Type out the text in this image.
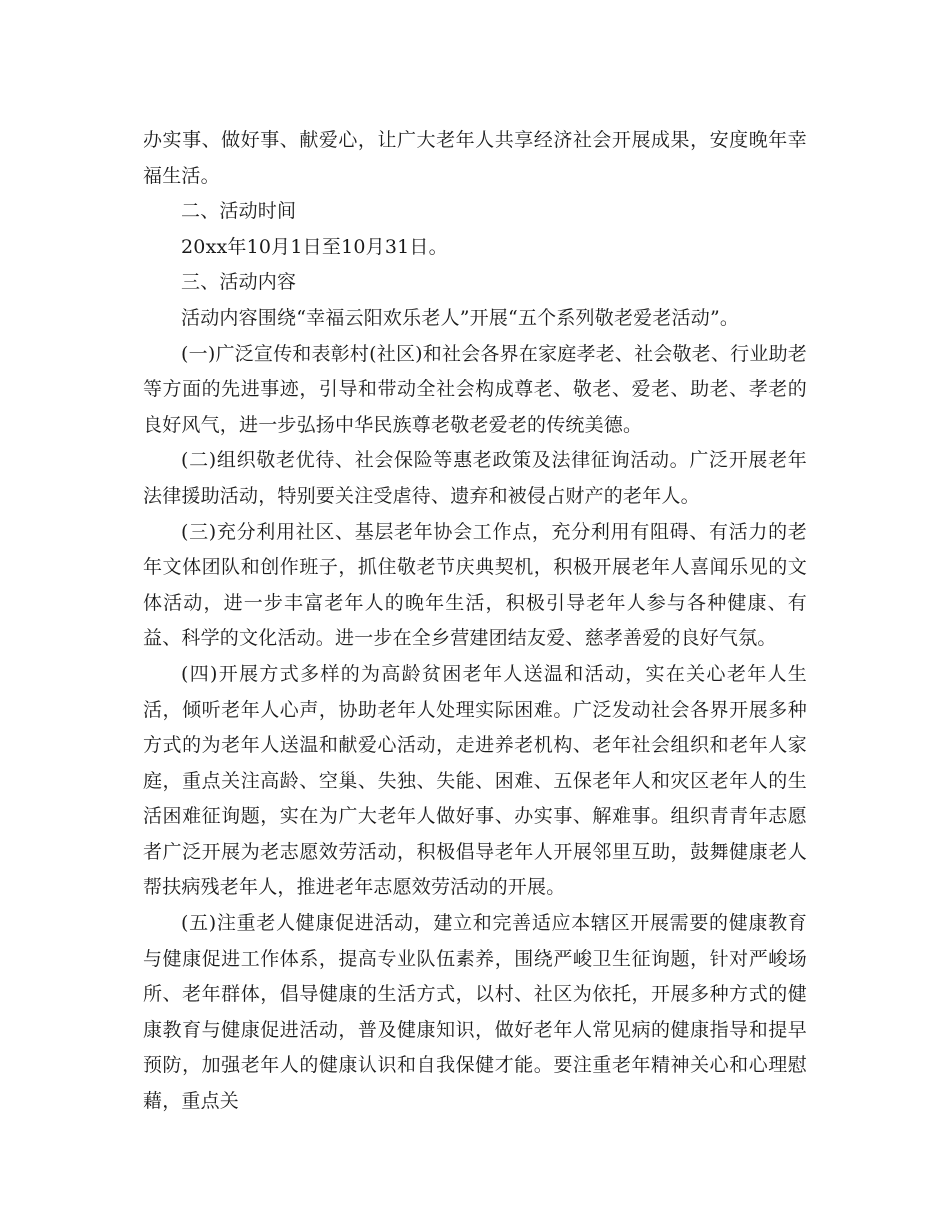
办实事、做好事、献爱心，让广大老年人共享经济社会开展成果，安度晚年幸福生活。

二、活动时间

20xx年10月1日至10月31日。

三、活动内容

活动内容围绕“幸福云阳欢乐老人”开展“五个系列敬老爱老活动”。

(一)广泛宣传和表彰村(社区)和社会各界在家庭孝老、社会敬老、行业助老等方面的先进事迹，引导和带动全社会构成尊老、敬老、爱老、助老、孝老的良好风气，进一步弘扬中华民族尊老敬老爱老的传统美德。

(二)组织敬老优待、社会保险等惠老政策及法律征询活动。广泛开展老年法律援助活动，特别要关注受虐待、遗弃和被侵占财产的老年人。

(三)充分利用社区、基层老年协会工作点，充分利用有阻碍、有活力的老年文体团队和创作班子，抓住敬老节庆典契机，积极开展老年人喜闻乐见的文体活动，进一步丰富老年人的晚年生活，积极引导老年人参与各种健康、有益、科学的文化活动。进一步在全乡营建团结友爱、慈孝善爱的良好气氛。

(四)开展方式多样的为高龄贫困老年人送温和活动，实在关心老年人生活，倾听老年人心声，协助老年人处理实际困难。广泛发动社会各界开展多种方式的为老年人送温和献爱心活动，走进养老机构、老年社会组织和老年人家庭，重点关注高龄、空巢、失独、失能、困难、五保老年人和灾区老年人的生活困难征询题，实在为广大老年人做好事、办实事、解难事。组织青青年志愿者广泛开展为老志愿效劳活动，积极倡导老年人开展邻里互助，鼓舞健康老人帮扶病残老年人，推进老年志愿效劳活动的开展。

(五)注重老人健康促进活动，建立和完善适应本辖区开展需要的健康教育与健康促进工作体系，提高专业队伍素养，围绕严峻卫生征询题，针对严峻场所、老年群体，倡导健康的生活方式，以村、社区为依托，开展多种方式的健康教育与健康促进活动，普及健康知识，做好老年人常见病的健康指导和提早预防，加强老年人的健康认识和自我保健才能。要注重老年精神关心和心理慰藉，重点关
